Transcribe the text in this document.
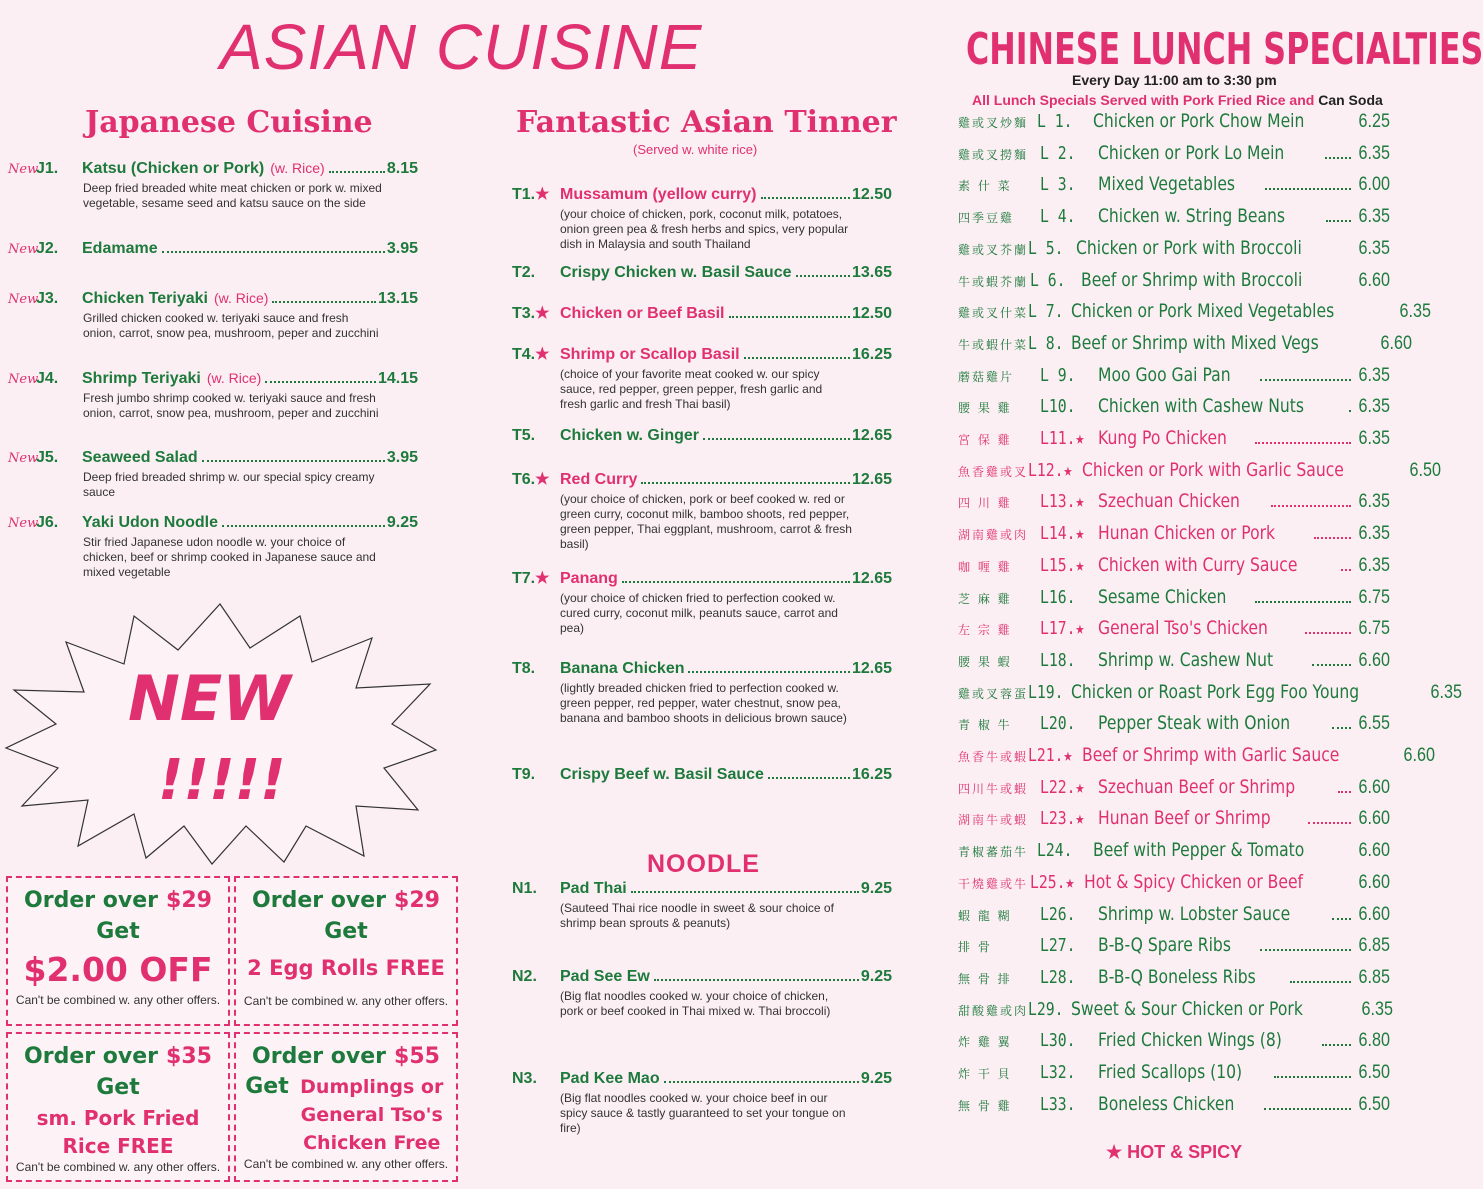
ASIAN CUISINE
Japanese Cuisine
New
J1.	Katsu (Chicken or Pork) (w. Rice)	8.15
Deep fried breaded white meat chicken or pork w. mixed vegetable, sesame seed and katsu sauce on the side
New
J2.	Edamame	3.95
New
J3.	Chicken Teriyaki (w. Rice)	13.15
Grilled chicken cooked w. teriyaki sauce and fresh onion, carrot, snow pea, mushroom, peper and zucchini
New
J4.	Shrimp Teriyaki (w. Rice)	14.15
Fresh jumbo shrimp cooked w. teriyaki sauce and fresh onion, carrot, snow pea, mushroom, peper and zucchini
New
J5.	Seaweed Salad	3.95
Deep fried breaded shrimp w. our special spicy creamy sauce
New
J6.	Yaki Udon Noodle	9.25
Stir fried Japanese udon noodle w. your choice of chicken, beef or shrimp cooked in Japanese sauce and mixed vegetable
NEW
!!!!!
Order over $29
Get
$2.00 OFF
Can't be combined w. any other offers.
Order over $29
Get
2 Egg Rolls FREE
Can't be combined w. any other offers.
Order over $35
Get
sm. Pork Fried Rice FREE
Can't be combined w. any other offers.
Order over $55
Get Dumplings or General Tso's Chicken Free
Can't be combined w. any other offers.
Fantastic Asian Tinner
(Served w. white rice)
T1.★ Mussamum (yellow curry)	12.50
(your choice of chicken, pork, coconut milk, potatoes, onion green pea & fresh herbs and spics, very popular dish in Malaysia and south Thailand
T2.	Crispy Chicken w. Basil Sauce	13.65
T3.★ Chicken or Beef Basil	12.50
T4.★ Shrimp or Scallop Basil	16.25
(choice of your favorite meat cooked w. our spicy sauce, red pepper, green pepper, fresh garlic and fresh garlic and fresh Thai basil)
T5.	Chicken w. Ginger	12.65
T6.★ Red Curry	12.65
(your choice of chicken, pork or beef cooked w. red or green curry, coconut milk, bamboo shoots, red pepper, green pepper, Thai eggplant, mushroom, carrot & fresh basil)
T7.★ Panang	12.65
(your choice of chicken fried to perfection cooked w. cured curry, coconut milk, peanuts sauce, carrot and pea)
T8.	Banana Chicken	12.65
(lightly breaded chicken fried to perfection cooked w. green pepper, red pepper, water chestnut, snow pea, banana and bamboo shoots in delicious brown sauce)
T9.	Crispy Beef w. Basil Sauce	16.25
NOODLE
N1.	Pad Thai	9.25
(Sauteed Thai rice noodle in sweet & sour choice of shrimp bean sprouts & peanuts)
N2.	Pad See Ew	9.25
(Big flat noodles cooked w. your choice of chicken, pork or beef cooked in Thai mixed w. Thai broccoli)
N3.	Pad Kee Mao	9.25
(Big flat noodles cooked w. your choice beef in our spicy sauce & tastly guaranteed to set your tongue on fire)
CHINESE LUNCH SPECIALTIES
Every Day 11:00 am to 3:30 pm
All Lunch Specials Served with Pork Fried Rice and Can Soda
雞或叉炒麵 L 1.	Chicken or Pork Chow Mein	6.25
雞或叉撈麵 L 2.	Chicken or Pork Lo Mein	6.35
素 什 菜	L 3.	Mixed Vegetables	6.00
四季豆雞	L 4.	Chicken w. String Beans	6.35
雞或叉芥蘭 L 5. Chicken or Pork with Broccoli	6.35
牛或蝦芥蘭 L 6. Beef or Shrimp with Broccoli	6.60
雞或叉什菜 L 7. Chicken or Pork Mixed Vegetables	6.35
牛或蝦什菜 L 8. Beef or Shrimp with Mixed Vegs	6.60
蘑菇雞片	L 9.	Moo Goo Gai Pan	6.35
腰 果 雞	L10.	Chicken with Cashew Nuts	6.35
宮 保 雞	L11.★ Kung Po Chicken	6.35
魚香雞或叉 L12.★ Chicken or Pork with Garlic Sauce	6.50
四 川 雞	L13.★ Szechuan Chicken	6.35
湖南雞或肉 L14.★ Hunan Chicken or Pork	6.35
咖 喱 雞	L15.★ Chicken with Curry Sauce	6.35
芝 麻 雞	L16.	Sesame Chicken	6.75
左 宗 雞	L17.★ General Tso's Chicken	6.75
腰 果 蝦	L18.	Shrimp w. Cashew Nut	6.60
雞或叉蓉蛋 L19. Chicken or Roast Pork Egg Foo Young	6.35
青 椒 牛	L20.	Pepper Steak with Onion	6.55
魚香牛或蝦 L21.★ Beef or Shrimp with Garlic Sauce	6.60
四川牛或蝦 L22.★ Szechuan Beef or Shrimp	6.60
湖南牛或蝦 L23.★ Hunan Beef or Shrimp	6.60
青椒蕃茄牛 L24.	Beef with Pepper & Tomato	6.60
干燒雞或牛 L25.★ Hot & Spicy Chicken or Beef	6.60
蝦 龍 糊	L26.	Shrimp w. Lobster Sauce	6.60
排 骨	L27.	B-B-Q Spare Ribs	6.85
無 骨 排	L28.	B-B-Q Boneless Ribs	6.85
甜酸雞或肉 L29. Sweet & Sour Chicken or Pork	6.35
炸 雞 翼	L30.	Fried Chicken Wings (8)	6.80
炸 干 貝	L32.	Fried Scallops (10)	6.50
無 骨 雞	L33.	Boneless Chicken	6.50
★ HOT & SPICY
